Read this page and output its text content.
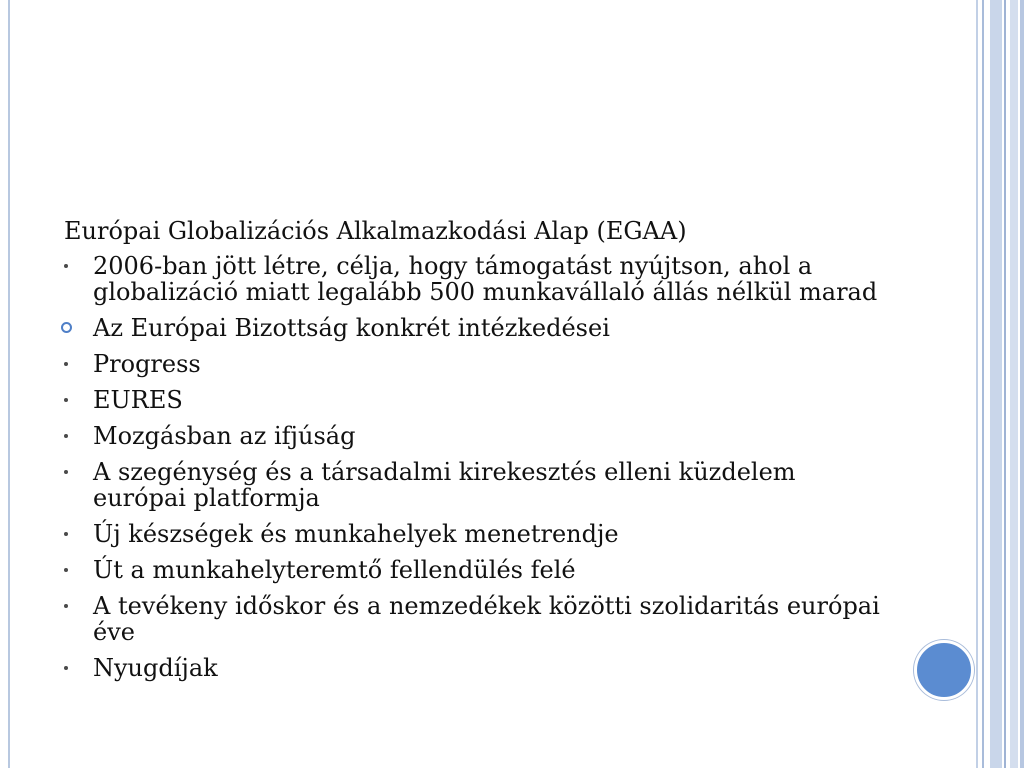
Európai Globalizációs Alkalmazkodási Alap (EGAA)
2006-ban jött létre, célja, hogy támogatást nyújtson, ahol a globalizáció miatt legalább 500 munkavállaló állás nélkül marad
Az Európai Bizottság konkrét intézkedései
Progress
EURES
Mozgásban az ifjúság
A szegénység és a társadalmi kirekesztés elleni küzdelem európai platformja
Új készségek és munkahelyek menetrendje
Út a munkahelyteremtő fellendülés felé
A tevékeny időskor és a nemzedékek közötti szolidaritás európai éve
Nyugdíjak
